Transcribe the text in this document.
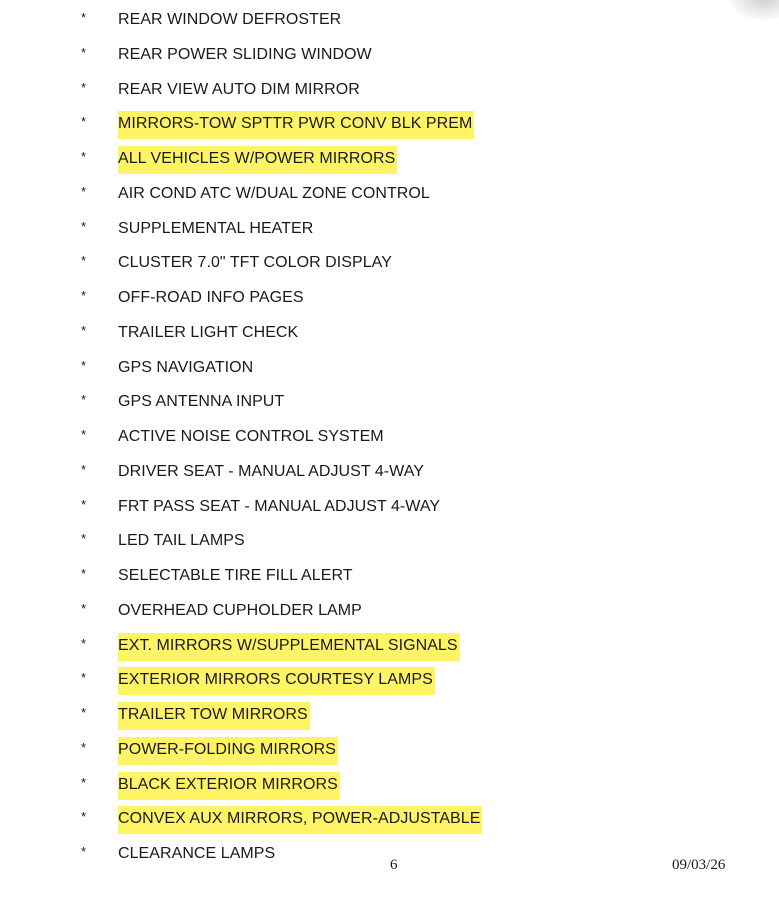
* REAR WINDOW DEFROSTER
* REAR POWER SLIDING WINDOW
* REAR VIEW AUTO DIM MIRROR
* MIRRORS-TOW SPTTR PWR CONV BLK PREM
* ALL VEHICLES W/POWER MIRRORS
* AIR COND ATC W/DUAL ZONE CONTROL
* SUPPLEMENTAL HEATER
* CLUSTER 7.0" TFT COLOR DISPLAY
* OFF-ROAD INFO PAGES
* TRAILER LIGHT CHECK
* GPS NAVIGATION
* GPS ANTENNA INPUT
* ACTIVE NOISE CONTROL SYSTEM
* DRIVER SEAT - MANUAL ADJUST 4-WAY
* FRT PASS SEAT - MANUAL ADJUST 4-WAY
* LED TAIL LAMPS
* SELECTABLE TIRE FILL ALERT
* OVERHEAD CUPHOLDER LAMP
* EXT. MIRRORS W/SUPPLEMENTAL SIGNALS
* EXTERIOR MIRRORS COURTESY LAMPS
* TRAILER TOW MIRRORS
* POWER-FOLDING MIRRORS
* BLACK EXTERIOR MIRRORS
* CONVEX AUX MIRRORS, POWER-ADJUSTABLE
* CLEARANCE LAMPS
6	09/03/26
